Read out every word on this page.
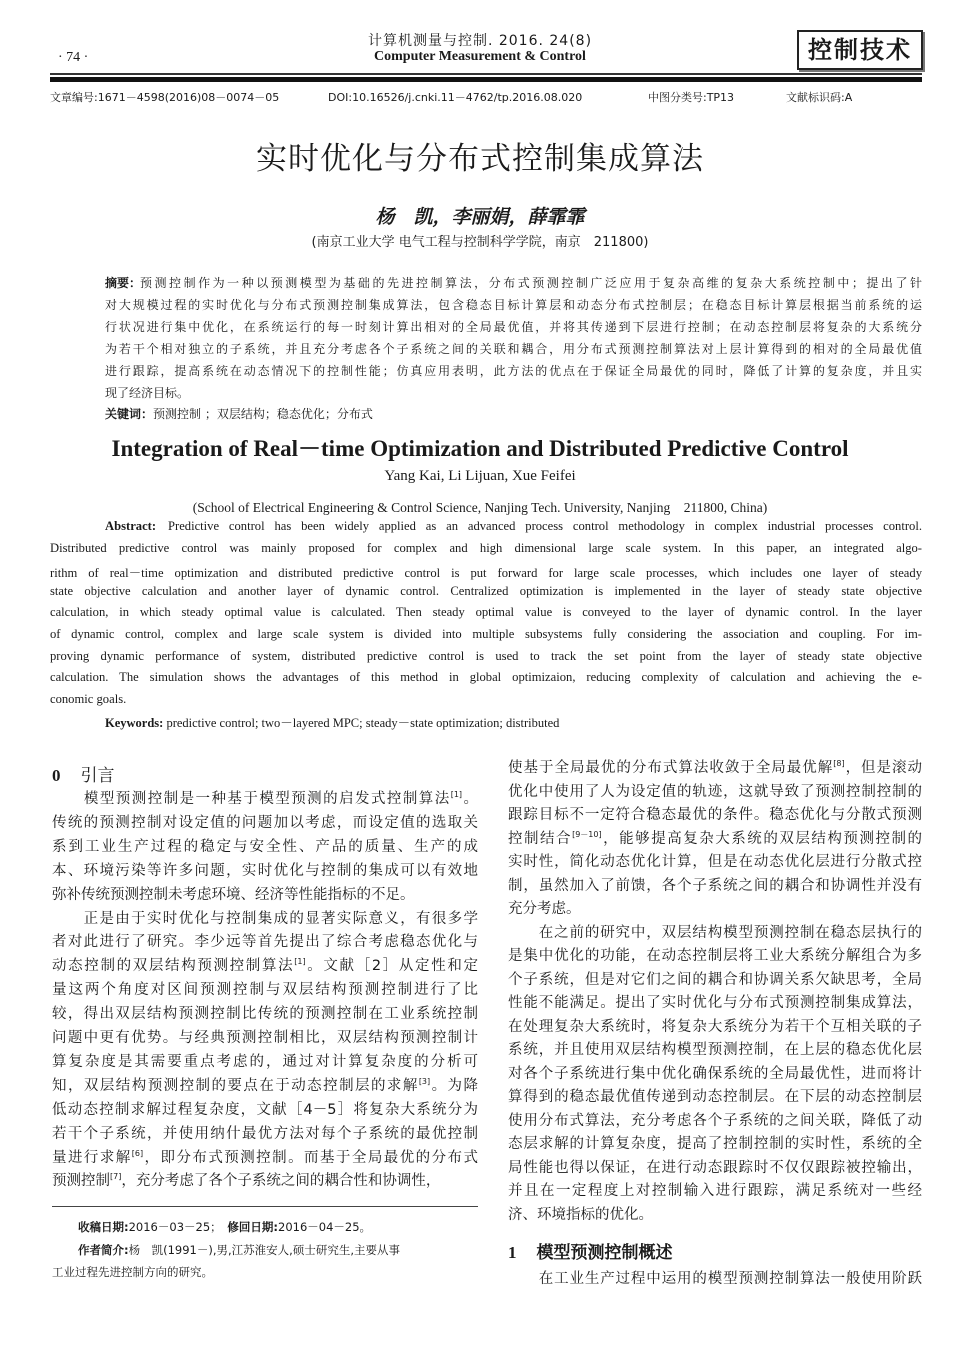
· 74 ·
计算机测量与控制. 2016. 24(8)
Computer Measurement & Control	控制技术
文章编号:1671－4598(2016)08－0074－05	DOI:10.16526/j.cnki.11－4762/tp.2016.08.020	中图分类号:TP13	文献标识码:A
实时优化与分布式控制集成算法
杨　凯，李丽娟，薛霏霏
(南京工业大学 电气工程与控制科学学院，南京　211800)
预测控制作为一种以预测模型为基础的先进控制算法，分布式预测控制广泛应用于复杂高维的复杂大系统控制中；提出了针
对大规模过程的实时优化与分布式预测控制集成算法，包含稳态目标计算层和动态分布式控制层；在稳态目标计算层根据当前系统的运
行状况进行集中优化，在系统运行的每一时刻计算出相对的全局最优值，并将其传递到下层进行控制；在动态控制层将复杂的大系统分
为若干个相对独立的子系统，并且充分考虑各个子系统之间的关联和耦合，用分布式预测控制算法对上层计算得到的相对的全局最优值
进行跟踪，提高系统在动态情况下的控制性能；仿真应用表明，此方法的优点在于保证全局最优的同时，降低了计算的复杂度，并且实
现了经济目标。
摘要：
关键词：预测控制 ；双层结构；稳态优化；分布式
Integration of Real－time Optimization and Distributed Predictive Control
Yang Kai, Li Lijuan, Xue Feifei
(School of Electrical Engineering & Control Science, Nanjing Tech. University, Nanjing　211800, China)
Predictive control has been widely applied as an advanced process control methodology in complex industrial processes control.
Distributed predictive control was mainly proposed for complex and high dimensional large scale system. In this paper, an integrated algo-
rithm of real－time optimization and distributed predictive control is put forward for large scale processes, which includes one layer of steady
state objective calculation and another layer of dynamic control. Centralized optimization is implemented in the layer of steady state objective
calculation, in which steady optimal value is calculated. Then steady optimal value is conveyed to the layer of dynamic control. In the layer
of dynamic control, complex and large scale system is divided into multiple subsystems fully considering the association and coupling. For im-
proving dynamic performance of system, distributed predictive control is used to track the set point from the layer of steady state objective
calculation. The simulation shows the advantages of this method in global optimizaion, reducing complexity of calculation and achieving the e-
conomic goals.
Abstract:
Keywords: predictive control; two－layered MPC; steady－state optimization; distributed
0 引言
　　模型预测控制是一种基于模型预测的启发式控制算法[1]。
传统的预测控制对设定值的问题加以考虑，而设定值的选取关
系到工业生产过程的稳定与安全性、产品的质量、生产的成
本、环境污染等许多问题，实时优化与控制的集成可以有效地
弥补传统预测控制未考虑环境、经济等性能指标的不足。
　　正是由于实时优化与控制集成的显著实际意义，有很多学
者对此进行了研究。李少远等首先提出了综合考虑稳态优化与
动态控制的双层结构预测控制算法[1]。文献［2］从定性和定
量这两个角度对区间预测控制与双层结构预测控制进行了比
较，得出双层结构预测控制比传统的预测控制在工业系统控制
问题中更有优势。与经典预测控制相比，双层结构预测控制计
算复杂度是其需要重点考虑的，通过对计算复杂度的分析可
知，双层结构预测控制的要点在于动态控制层的求解[3]。为降
低动态控制求解过程复杂度，文献［4－5］将复杂大系统分为
若干个子系统，并使用纳什最优方法对每个子系统的最优控制
量进行求解[6]，即分布式预测控制。而基于全局最优的分布式
预测控制[7]，充分考虑了各个子系统之间的耦合性和协调性，
使基于全局最优的分布式算法收敛于全局最优解[8]，但是滚动
优化中使用了人为设定值的轨迹，这就导致了预测控制控制的
跟踪目标不一定符合稳态最优的条件。稳态优化与分散式预测
控制结合[9－10]，能够提高复杂大系统的双层结构预测控制的
实时性，简化动态优化计算，但是在动态优化层进行分散式控
制，虽然加入了前馈，各个子系统之间的耦合和协调性并没有
充分考虑。
　　在之前的研究中，双层结构模型预测控制在稳态层执行的
是集中优化的功能，在动态控制层将工业大系统分解组合为多
个子系统，但是对它们之间的耦合和协调关系欠缺思考，全局
性能不能满足。提出了实时优化与分布式预测控制集成算法，
在处理复杂大系统时，将复杂大系统分为若干个互相关联的子
系统，并且使用双层结构模型预测控制，在上层的稳态优化层
对各个子系统进行集中优化确保系统的全局最优性，进而将计
算得到的稳态最优值传递到动态控制层。在下层的动态控制层
使用分布式算法，充分考虑各个子系统的之间关联，降低了动
态层求解的计算复杂度，提高了控制控制的实时性，系统的全
局性能也得以保证，在进行动态跟踪时不仅仅跟踪被控输出，
并且在一定程度上对控制输入进行跟踪，满足系统对一些经
济、环境指标的优化。
1 模型预测控制概述
　　在工业生产过程中运用的模型预测控制算法一般使用阶跃
收稿日期:2016－03－25；　 修回日期:2016－04－25。
作者简介:杨　凯(1991－),男,江苏淮安人,硕士研究生,主要从事
工业过程先进控制方向的研究。
